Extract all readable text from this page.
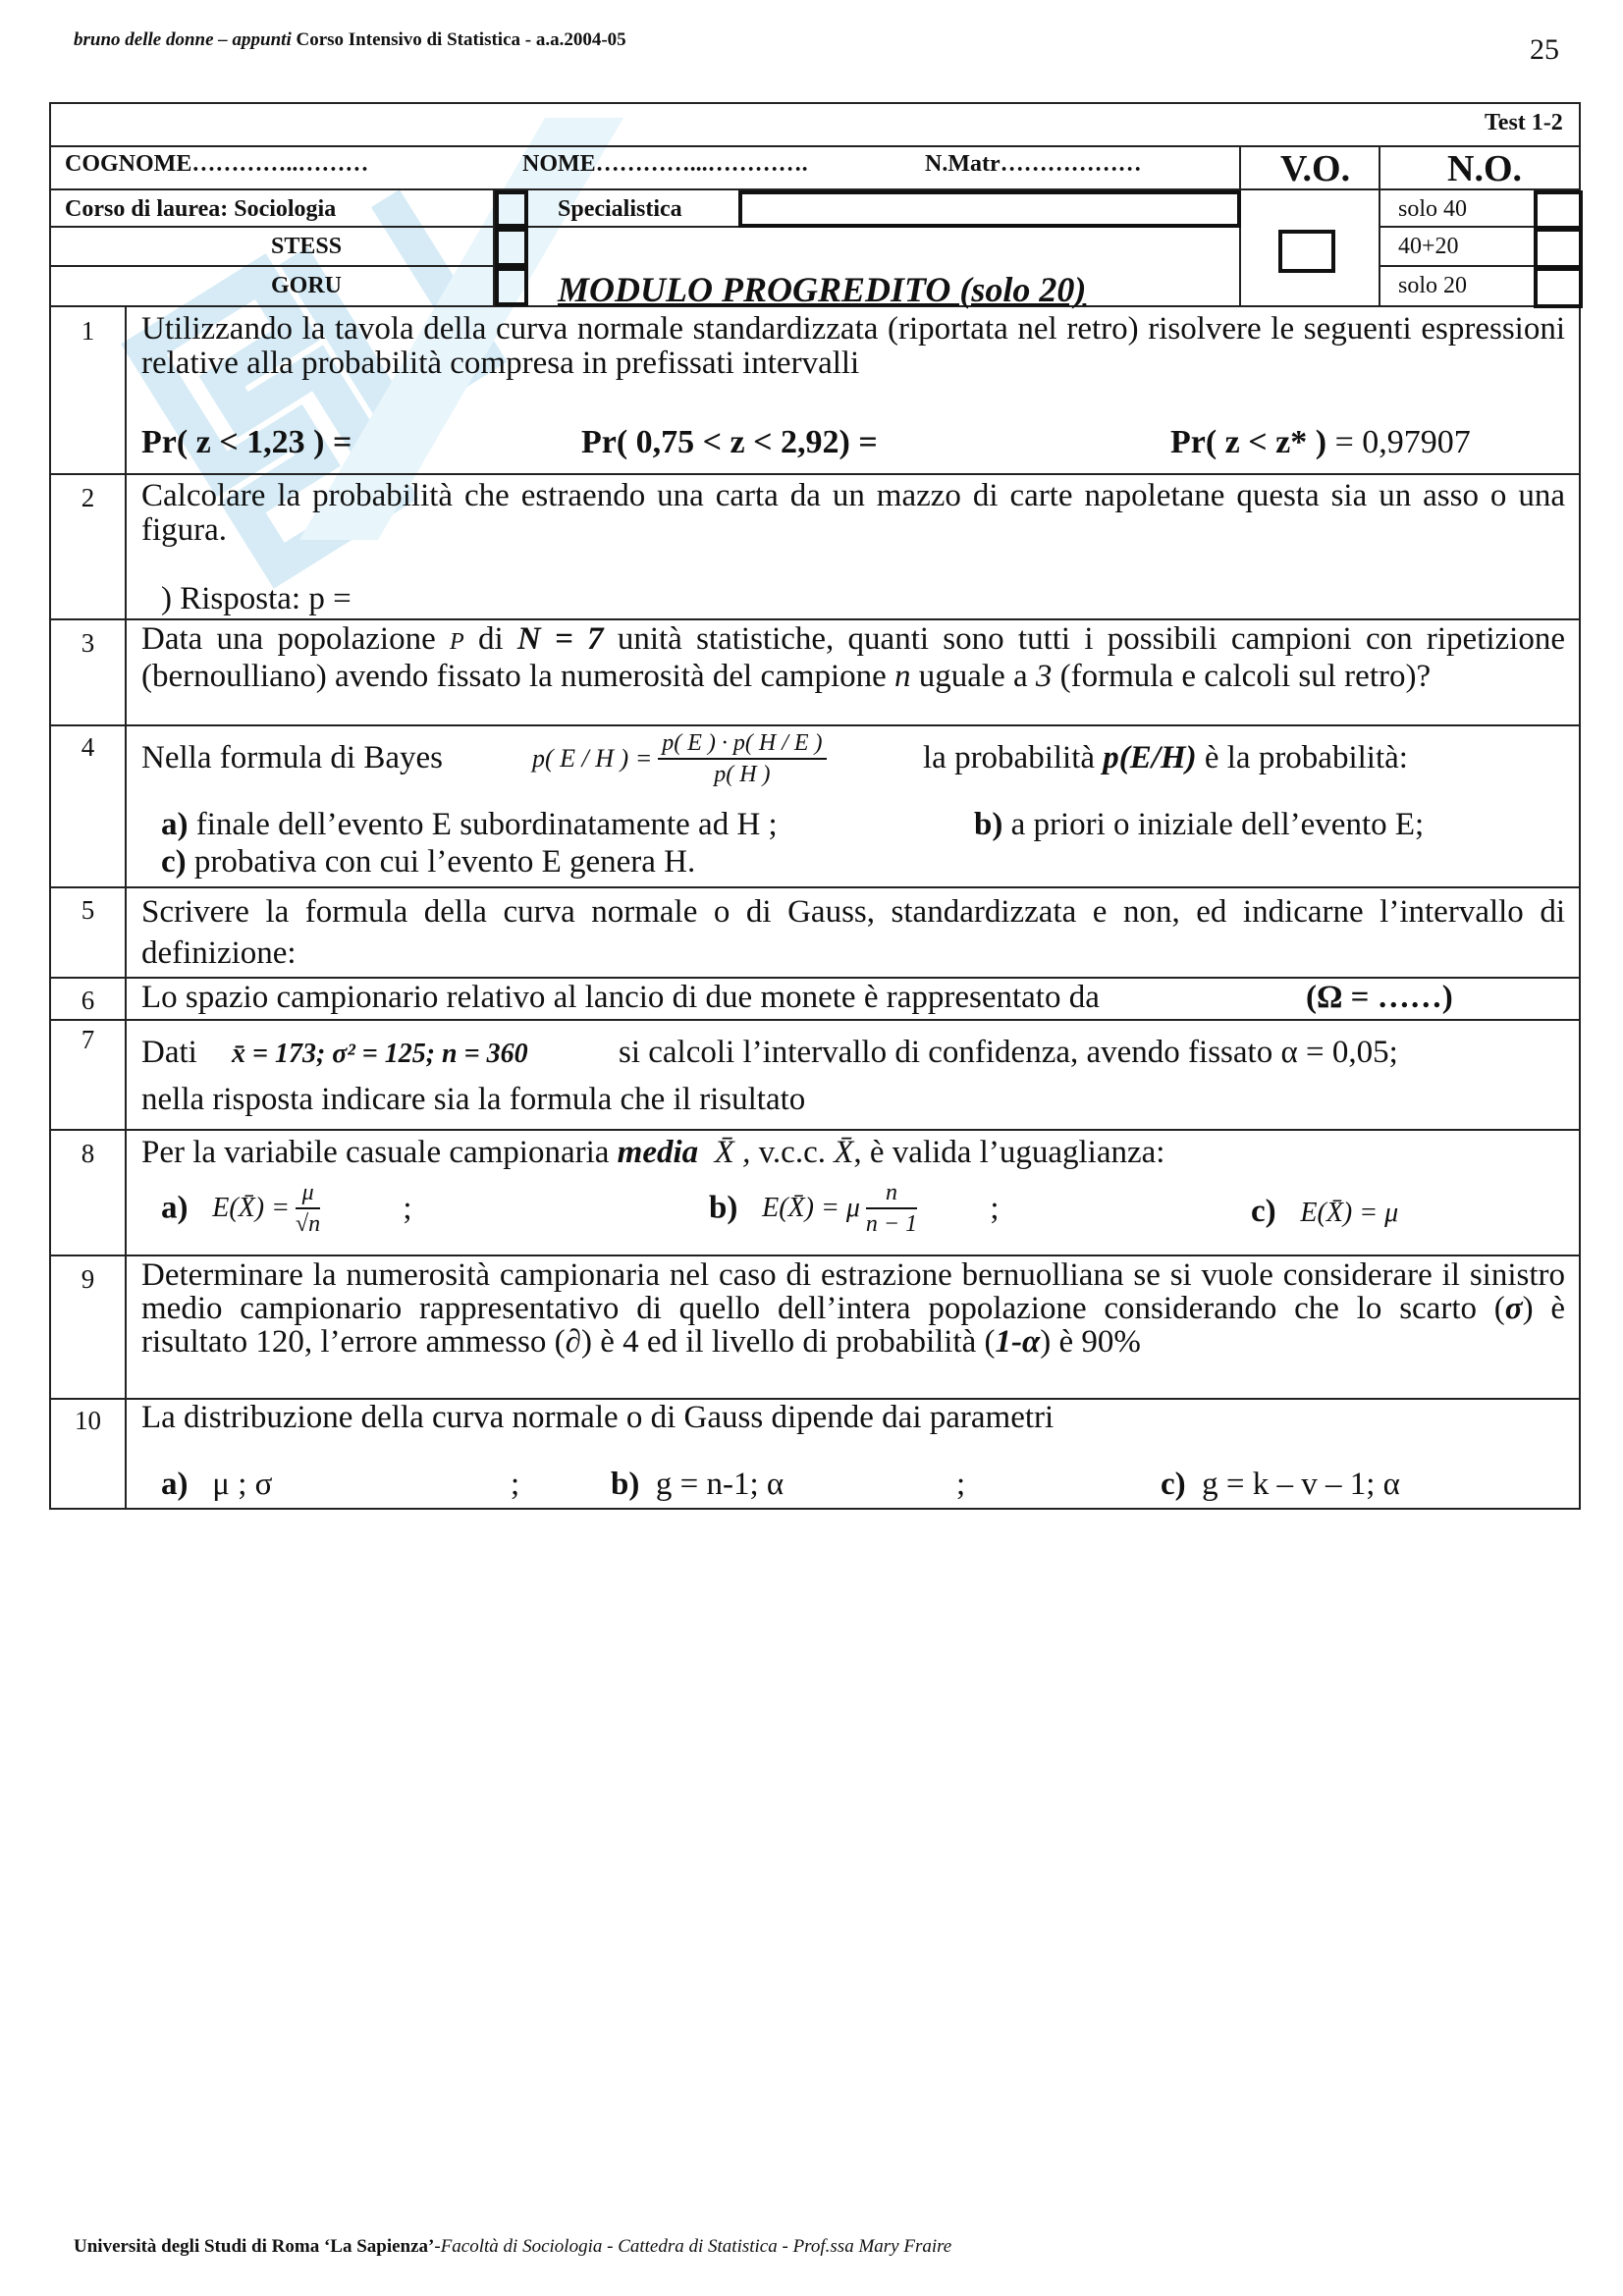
bruno delle donne – appunti Corso Intensivo di Statistica - a.a.2004-05	25
Test 1-2
COGNOME…………..………	NOME…………...………….	N.Matr………………	V.O.	N.O.
Corso di laurea: Sociologia	Specialistica
STESS
GORU	MODULO PROGREDITO (solo 20)
solo 40
40+20
solo 20
1	Utilizzando la tavola della curva normale standardizzata (riportata nel retro) risolvere le seguenti espressioni relative alla probabilità compresa in prefissati intervalli

Pr( z < 1,23 ) =	Pr( 0,75 < z < 2,92) =	Pr( z < z* ) = 0,97907
2	Calcolare la probabilità che estraendo una carta da un mazzo di carte napoletane questa sia un asso o una figura.

) Risposta: p =
3	Data una popolazione P di N = 7 unità statistiche, quanti sono tutti i possibili campioni con ripetizione (bernoulliano) avendo fissato la numerosità del campione n uguale a 3 (formula e calcoli sul retro)?

4	Nella formula di Bayes	p( E / H ) = $\frac{p( E ) \cdot p( H / E )}{p( H )}$	la probabilità p(E/H) è la probabilità:
a) finale dell’evento E subordinatamente ad H ;	b) a priori o iniziale dell’evento E;
c) probativa con cui l’evento E genera H.
5	Scrivere la formula della curva normale o di Gauss, standardizzata e non, ed indicarne l’intervallo di definizione:

6	Lo spazio campionario relativo al lancio di due monete è rappresentato da	(Ω = ……)
7	Dati x̄ = 173; σ² = 125; n = 360	si calcoli l’intervallo di confidenza, avendo fissato α = 0,05;
nella risposta indicare sia la formula che il risultato
8	Per la variabile casuale campionaria media X̄ , v.c.c. X̄, è valida l’uguaglianza:
a) E(X̄) = $\frac{\mu}{√n}$	;	b) E(X̄) = μ $\frac{n}{n - 1}$ ;	c) E(X̄) = μ
9	Determinare la numerosità campionaria nel caso di estrazione bernuolliana se si vuole considerare il sinistro medio campionario rappresentativo di quello dell’intera popolazione considerando che lo scarto (σ) è risultato 120, l’errore ammesso (∂) è 4 ed il livello di probabilità (1-α) è 90%

10	La distribuzione della curva normale o di Gauss dipende dai parametri
a) μ ; σ	;	b) g = n-1; α	;	c) g = k – v – 1; α
Università degli Studi di Roma ‘La Sapienza’-Facoltà di Sociologia - Cattedra di Statistica - Prof.ssa Mary Fraire
